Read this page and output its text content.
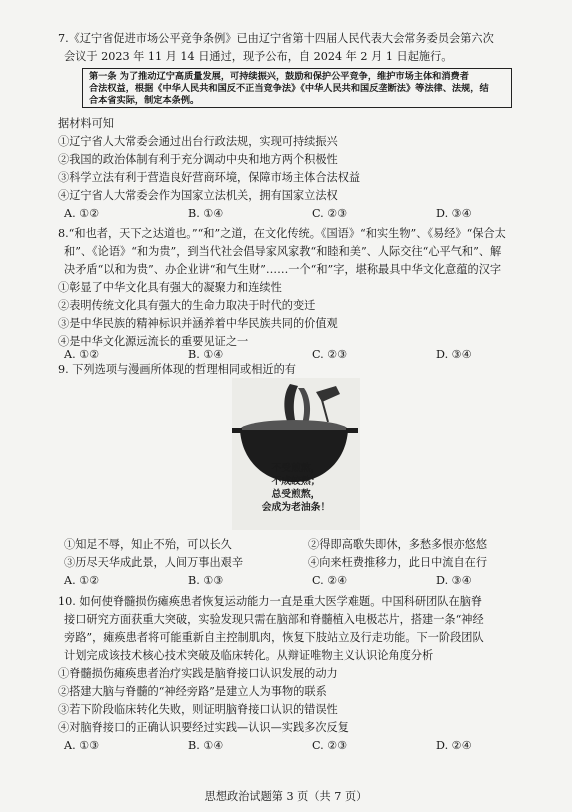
7.《辽宁省促进市场公平竞争条例》已由辽宁省第十四届人民代表大会常务委员会第六次
会议于 2023 年 11 月 14 日通过，现予公布，自 2024 年 2 月 1 日起施行。
第一条 为了推动辽宁高质量发展，可持续振兴，鼓励和保护公平竞争，维护市场主体和消费者
合法权益，根据《中华人民共和国反不正当竞争法》《中华人民共和国反垄断法》等法律、法规，结
合本省实际，制定本条例。
据材料可知
①辽宁省人大常委会通过出台行政法规，实现可持续振兴
②我国的政治体制有利于充分调动中央和地方两个积极性
③科学立法有利于营造良好营商环境，保障市场主体合法权益
④辽宁省人大常委会作为国家立法机关，拥有国家立法权
A. ①②	B. ①④	C. ②③	D. ③④
8.“和也者，天下之达道也。”“和”之道，在文化传统。《国语》“和实生物”、《易经》“保合太
和”、《论语》“和为贵”，到当代社会倡导家风家教“和睦和美”、人际交往“心平气和”、解
决矛盾“以和为贵”、办企业讲“和气生财”……一个“和”字，堪称最具中华文化意蕴的汉字
①彰显了中华文化具有强大的凝聚力和连续性
②表明传统文化具有强大的生命力取决于时代的变迁
③是中华民族的精神标识并涵养着中华民族共同的价值观
④是中华文化源远流长的重要见证之一
A. ①②	B. ①④	C. ②③	D. ③④
9. 下列选项与漫画所体现的哲理相同或相近的有
不受煎熬，
不成皎熟；
总受煎熬，
会成为老油条！
①知足不辱，知止不殆，可以长久	②得即高歌失即休，多愁多恨亦悠悠
③历尽天华成此景，人间万事出艰辛	④向来枉费推移力，此日中流自在行
A. ①②	B. ①③	C. ②④	D. ③④
10. 如何使脊髓损伤瘫痪患者恢复运动能力一直是重大医学难题。中国科研团队在脑脊
接口研究方面获重大突破，实验发现只需在脑部和脊髓植入电极芯片，搭建一条“神经
旁路”，瘫痪患者将可能重新自主控制肌肉，恢复下肢站立及行走功能。下一阶段团队
计划完成该技术核心技术突破及临床转化。从辩证唯物主义认识论角度分析
①脊髓损伤瘫痪患者治疗实践是脑脊接口认识发展的动力
②搭建大脑与脊髓的“神经旁路”是建立人为事物的联系
③若下阶段临床转化失败，则证明脑脊接口认识的错误性
④对脑脊接口的正确认识要经过实践—认识—实践多次反复
A. ①③	B. ①④	C. ②③	D. ②④
思想政治试题第 3 页（共 7 页）
